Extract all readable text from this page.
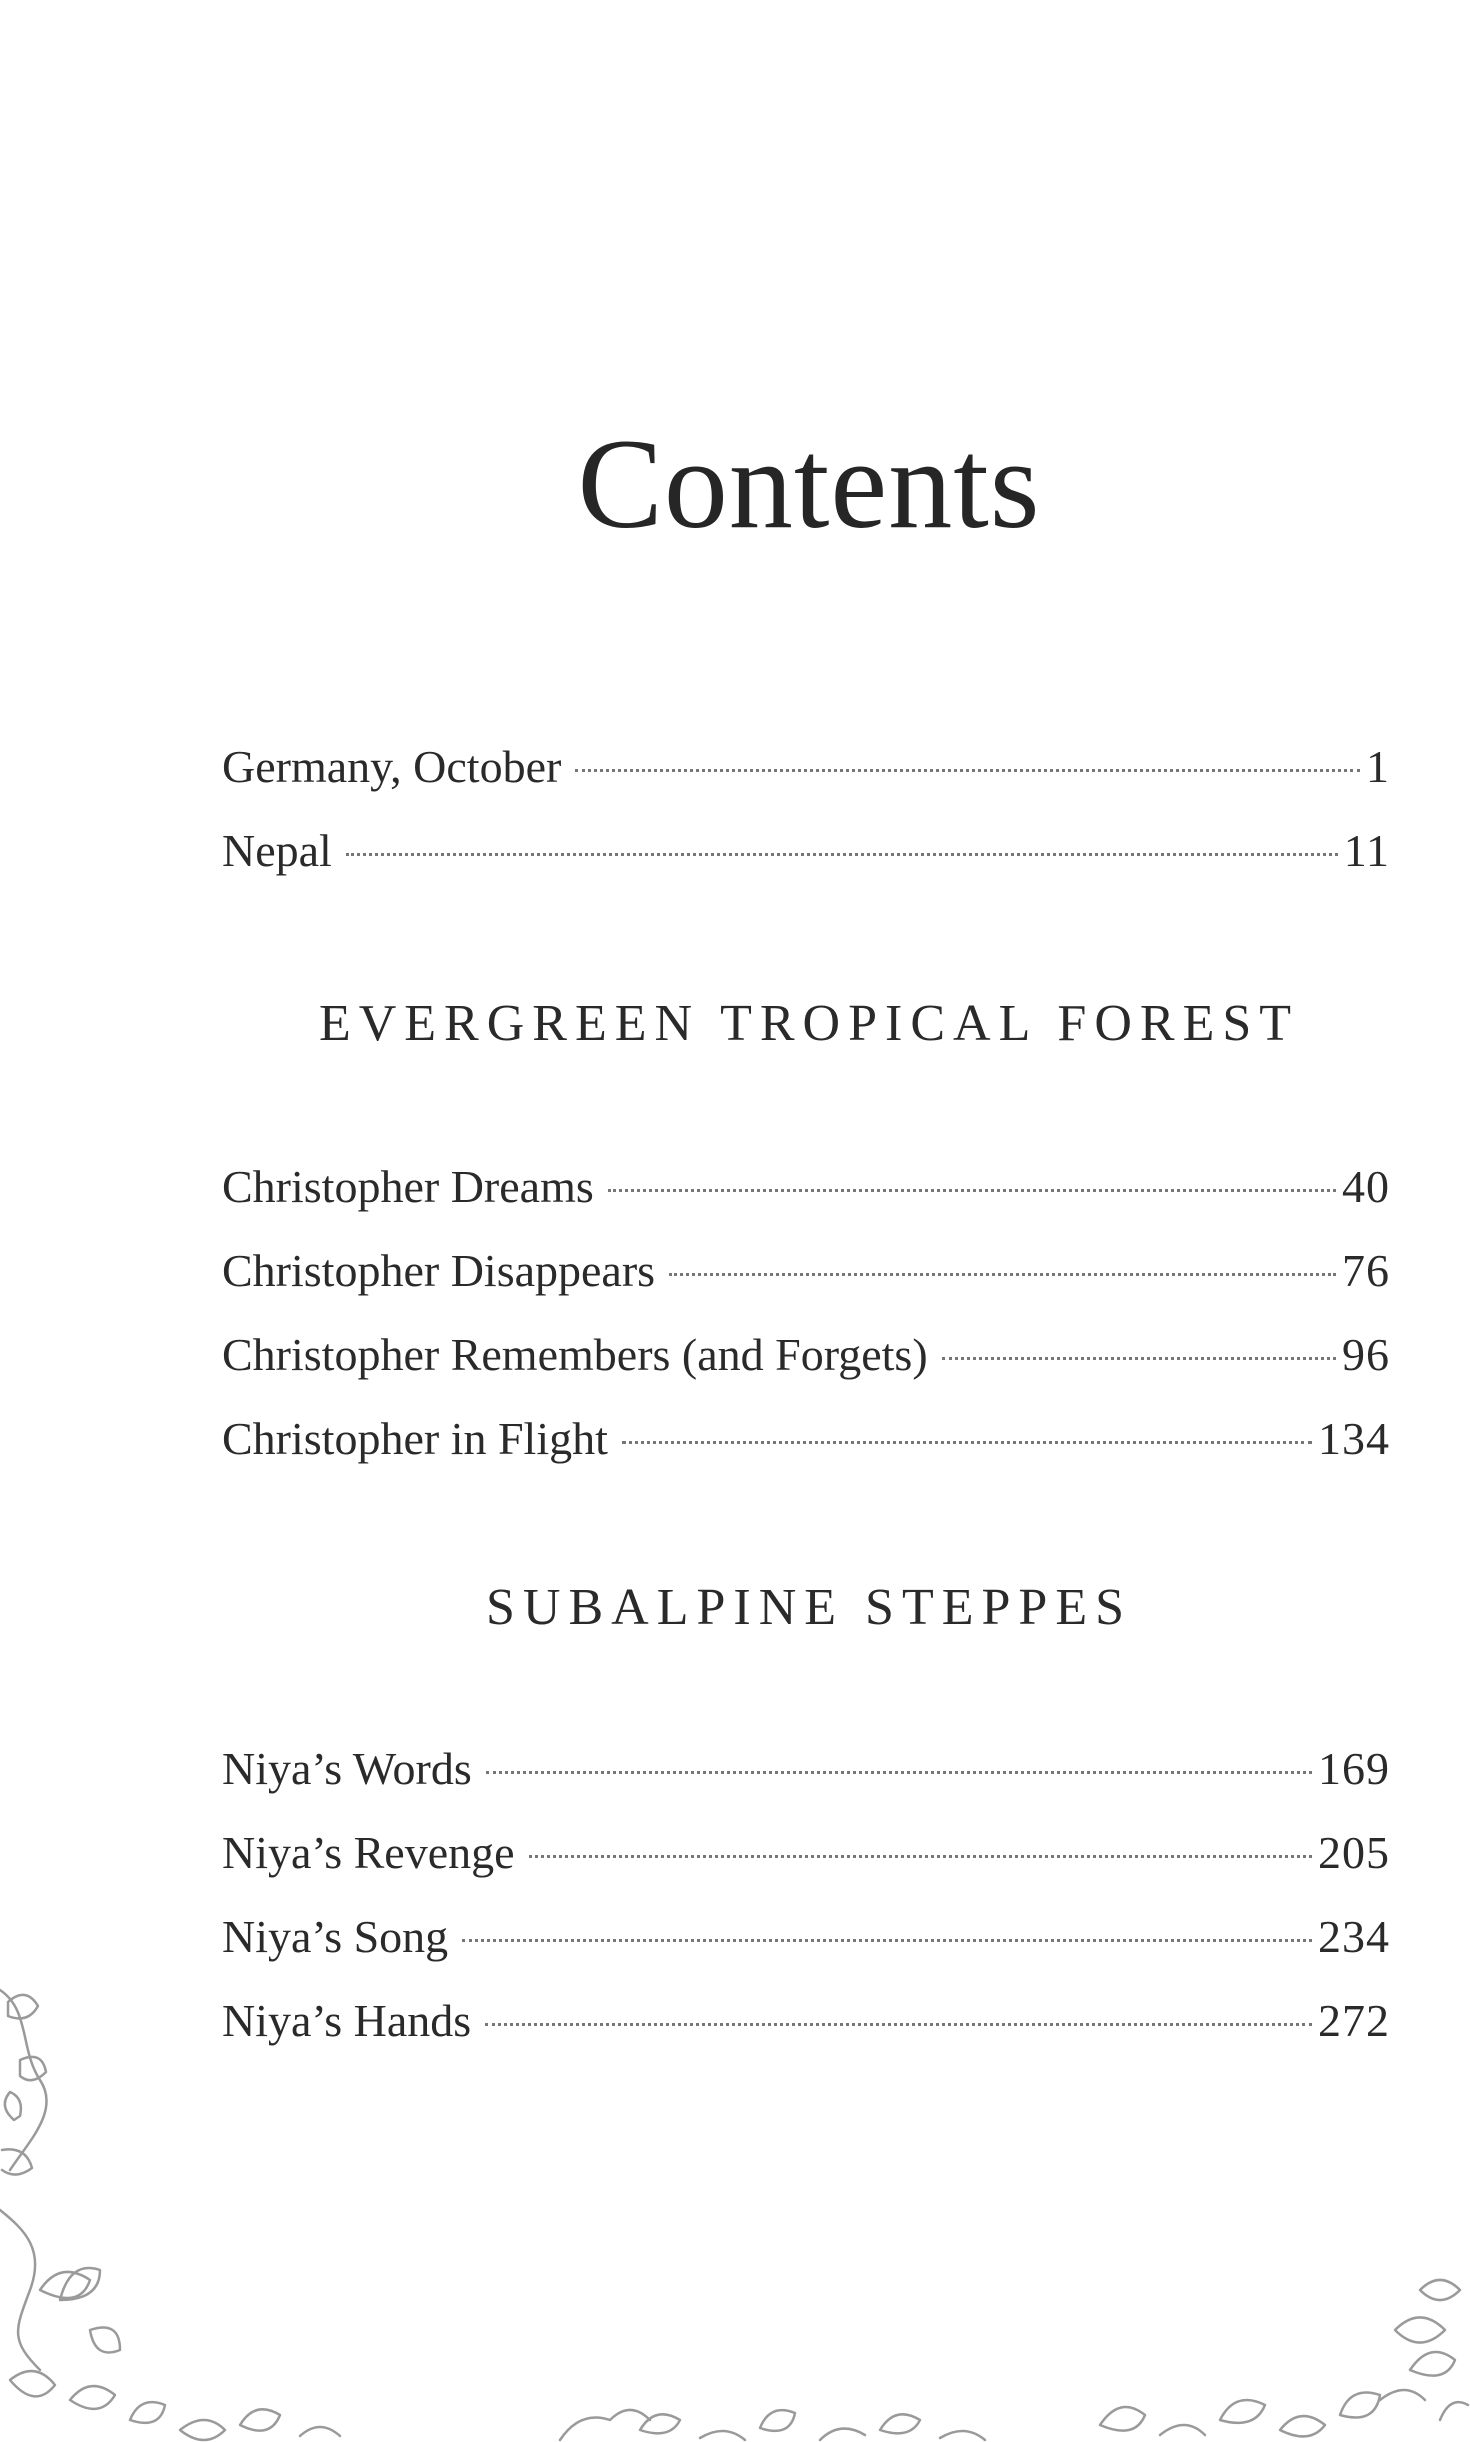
Contents
Germany, October	1
Nepal	11
EVERGREEN TROPICAL FOREST
Christopher Dreams	40
Christopher Disappears	76
Christopher Remembers (and Forgets)	96
Christopher in Flight	134
SUBALPINE STEPPES
Niya’s Words	169
Niya’s Revenge	205
Niya’s Song	234
Niya’s Hands	272
